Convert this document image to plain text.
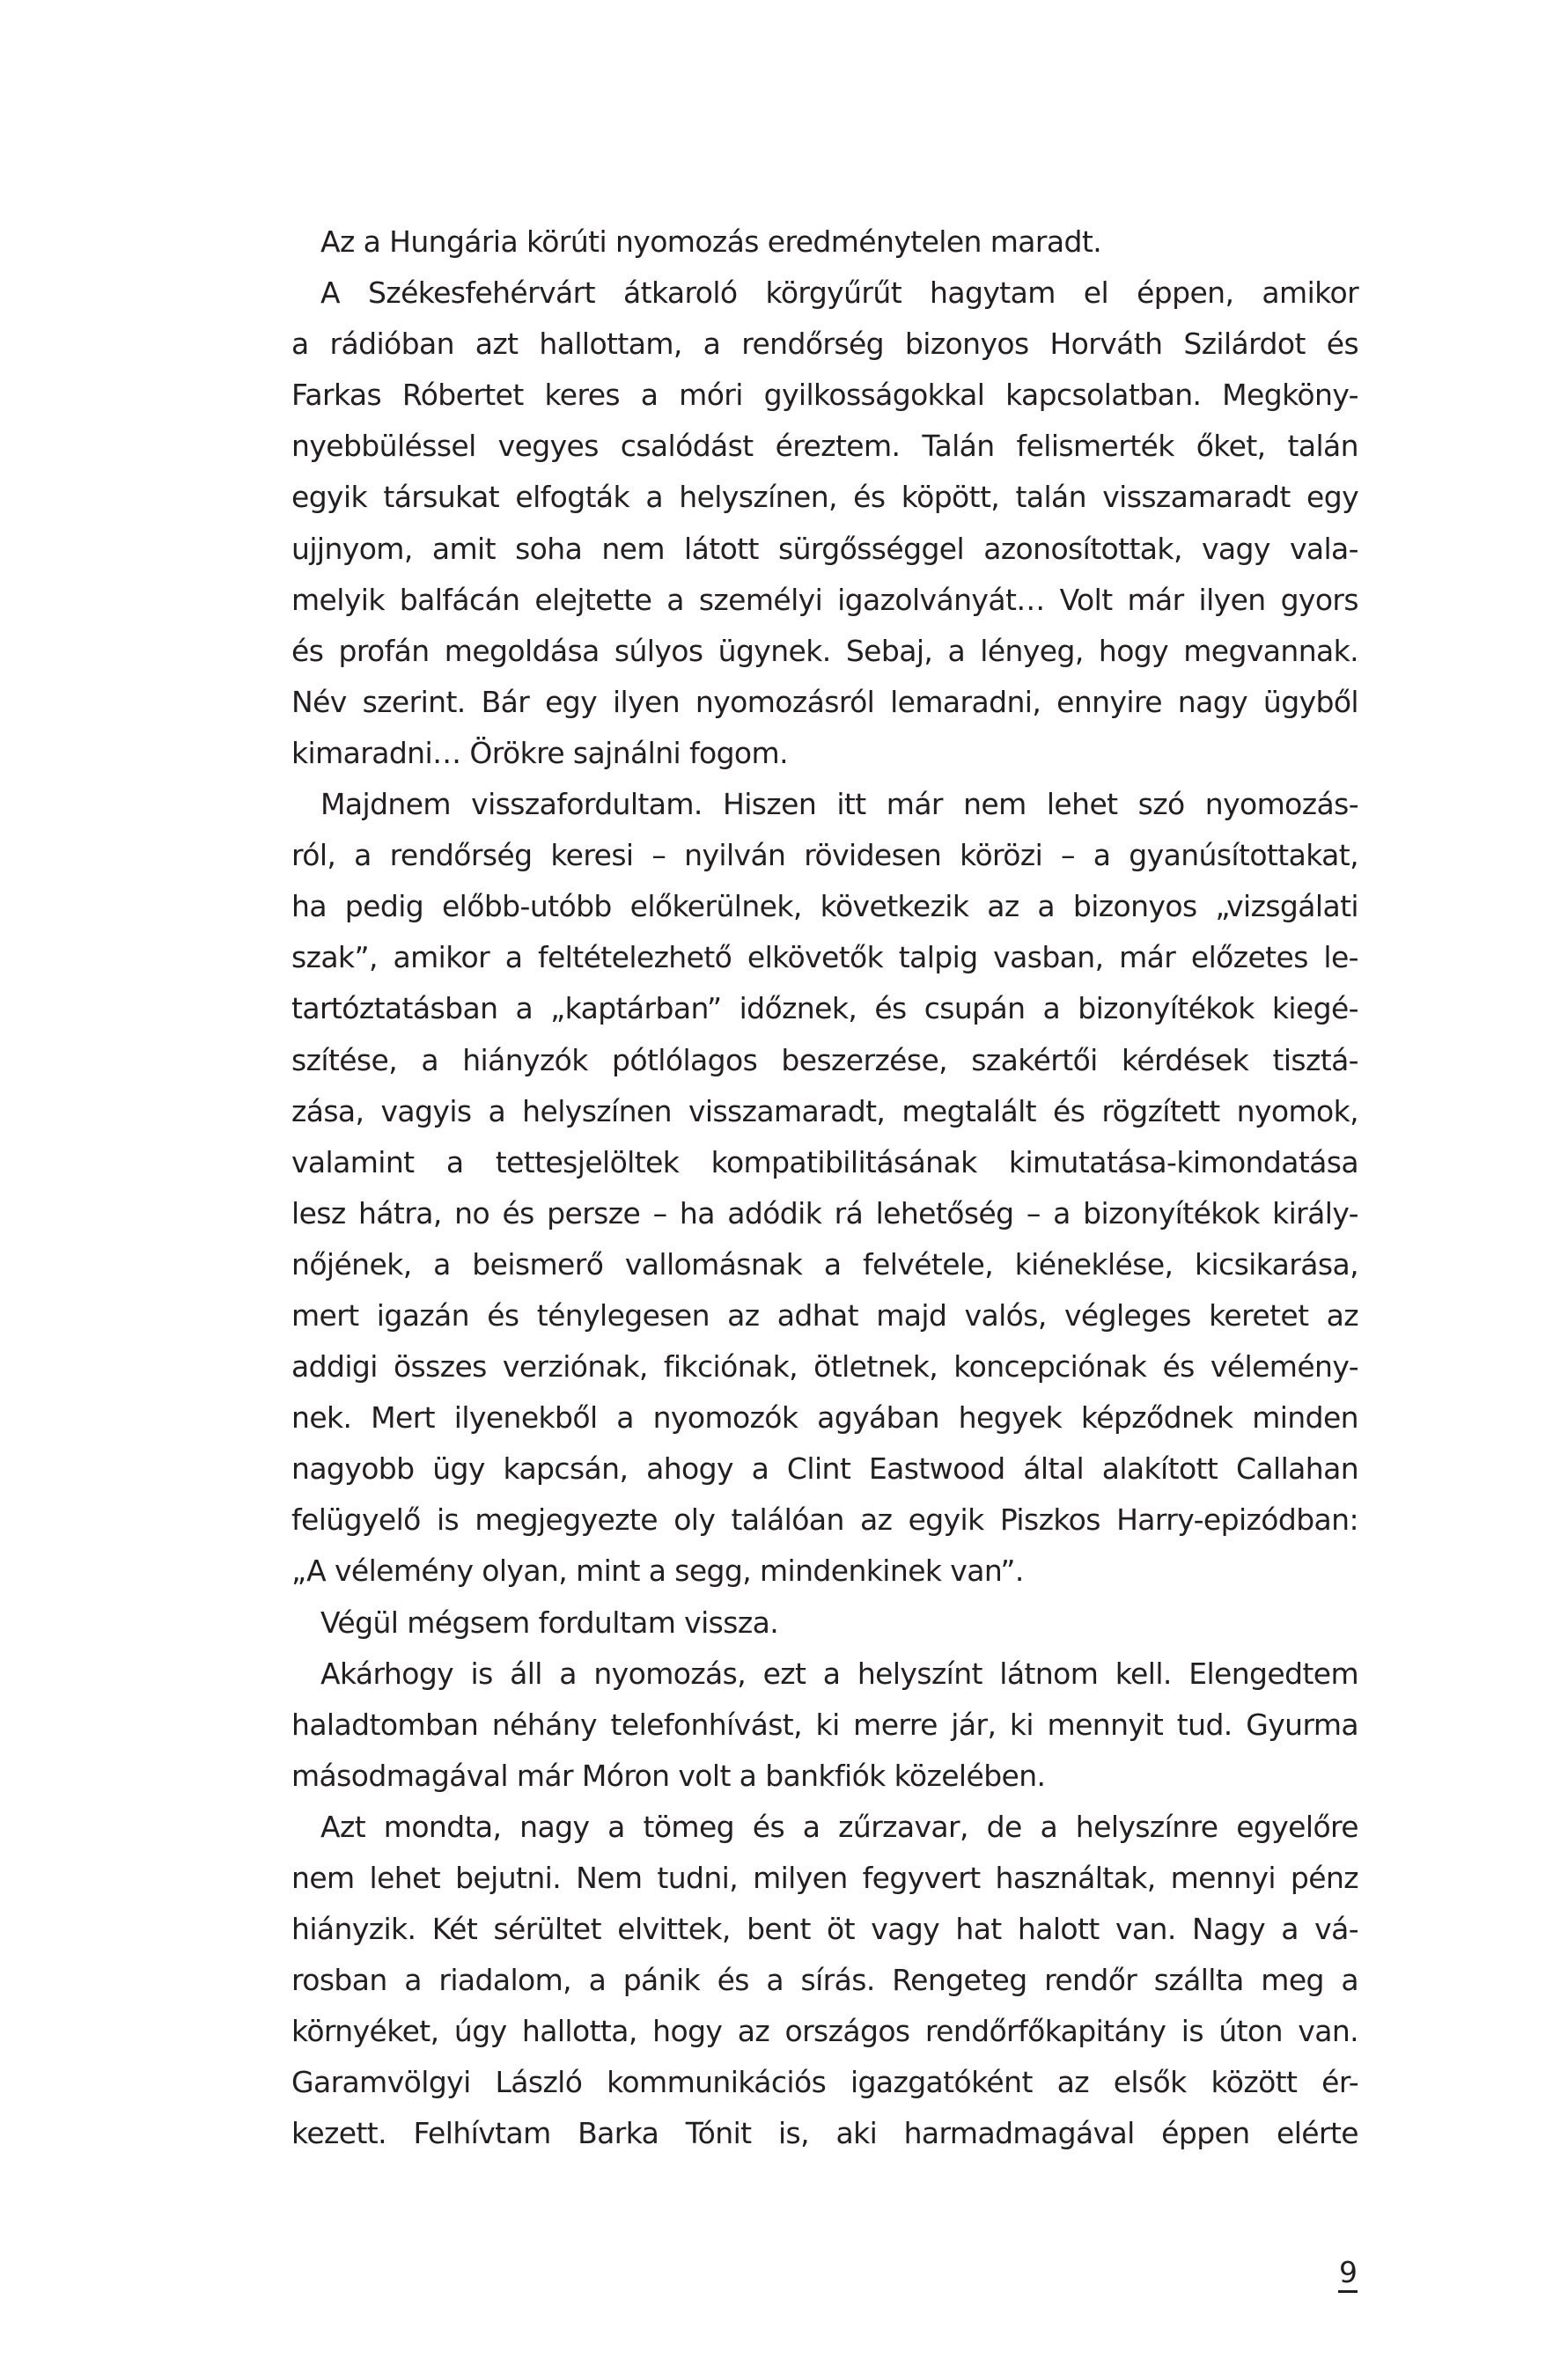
Az a Hungária körúti nyomozás eredménytelen maradt.
A Székesfehérvárt átkaroló körgyűrűt hagytam el éppen, amikor
a rádióban azt hallottam, a rendőrség bizonyos Horváth Szilárdot és
Farkas Róbertet keres a móri gyilkosságokkal kapcsolatban. Megköny-
nyebbüléssel vegyes csalódást éreztem. Talán felismerték őket, talán
egyik társukat elfogták a helyszínen, és köpött, talán visszamaradt egy
ujjnyom, amit soha nem látott sürgősséggel azonosítottak, vagy vala-
melyik balfácán elejtette a személyi igazolványát… Volt már ilyen gyors
és profán megoldása súlyos ügynek. Sebaj, a lényeg, hogy megvannak.
Név szerint. Bár egy ilyen nyomozásról lemaradni, ennyire nagy ügyből
kimaradni… Örökre sajnálni fogom.
Majdnem visszafordultam. Hiszen itt már nem lehet szó nyomozás-
ról, a rendőrség keresi – nyilván rövidesen körözi – a gyanúsítottakat,
ha pedig előbb-utóbb előkerülnek, következik az a bizonyos „vizsgálati
szak”, amikor a feltételezhető elkövetők talpig vasban, már előzetes le-
tartóztatásban a „kaptárban” időznek, és csupán a bizonyítékok kiegé-
szítése, a hiányzók pótlólagos beszerzése, szakértői kérdések tisztá-
zása, vagyis a helyszínen visszamaradt, megtalált és rögzített nyomok,
valamint a tettesjelöltek kompatibilitásának kimutatása-kimondatása
lesz hátra, no és persze – ha adódik rá lehetőség – a bizonyítékok király-
nőjének, a beismerő vallomásnak a felvétele, kiéneklése, kicsikarása,
mert igazán és ténylegesen az adhat majd valós, végleges keretet az
addigi összes verziónak, fikciónak, ötletnek, koncepciónak és vélemény-
nek. Mert ilyenekből a nyomozók agyában hegyek képződnek minden
nagyobb ügy kapcsán, ahogy a Clint Eastwood által alakított Callahan
felügyelő is megjegyezte oly találóan az egyik Piszkos Harry-epizódban:
„A vélemény olyan, mint a segg, mindenkinek van”.
Végül mégsem fordultam vissza.
Akárhogy is áll a nyomozás, ezt a helyszínt látnom kell. Elengedtem
haladtomban néhány telefonhívást, ki merre jár, ki mennyit tud. Gyurma
másodmagával már Móron volt a bankfiók közelében.
Azt mondta, nagy a tömeg és a zűrzavar, de a helyszínre egyelőre
nem lehet bejutni. Nem tudni, milyen fegyvert használtak, mennyi pénz
hiányzik. Két sérültet elvittek, bent öt vagy hat halott van. Nagy a vá-
rosban a riadalom, a pánik és a sírás. Rengeteg rendőr szállta meg a
környéket, úgy hallotta, hogy az országos rendőrfőkapitány is úton van.
Garamvölgyi László kommunikációs igazgatóként az elsők között ér-
kezett. Felhívtam Barka Tónit is, aki harmadmagával éppen elérte
9
